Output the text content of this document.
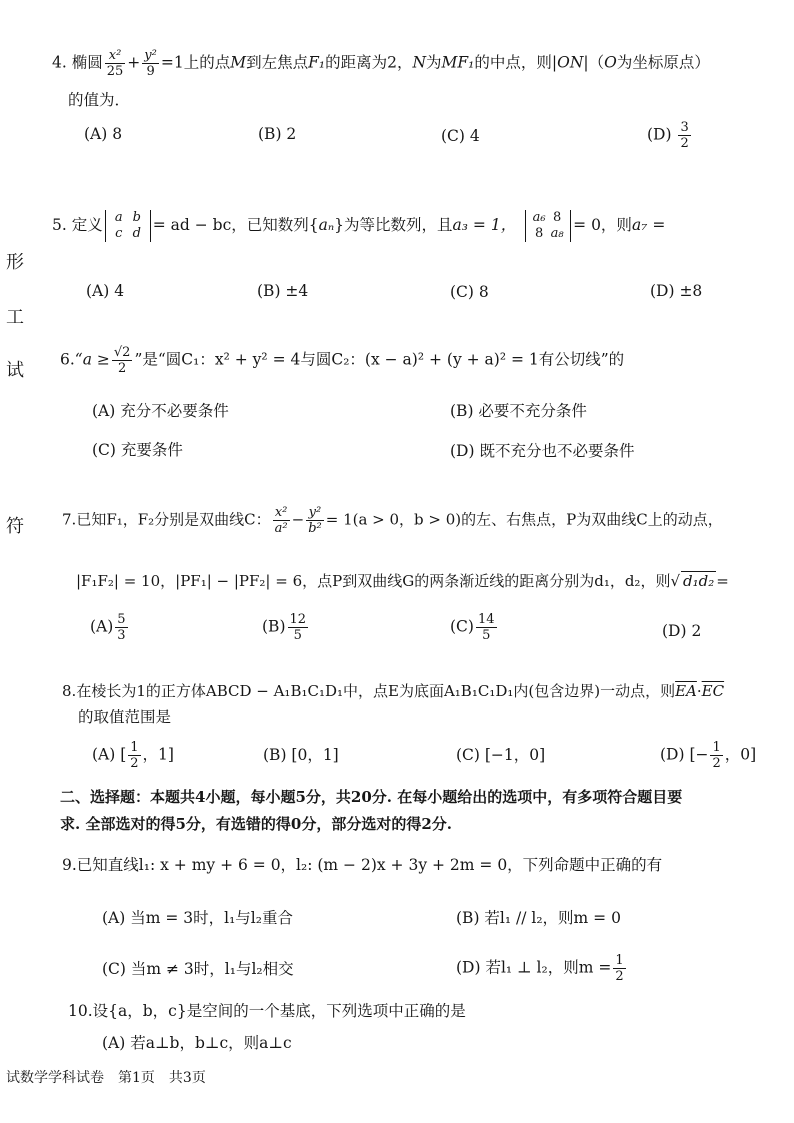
形
工
试
符
4. 椭圆 $\frac{\text{x²}}{25} + \frac{\text{y²}}{9} =1$上的点M到左焦点F₁的距离为2，N为MF₁的中点，则|ON|（O为坐标原点）
的值为．
(A) 8	(B) 2	(C) 4	$(D) \frac{3}{2}$
5. 定义 a b
c d = ad − bc，已知数列{aₙ}为等比数列，且a₃ = 1， a₆ 8
8 a₈ = 0，则a₇ =
(A) 4	(B) ±4	(C) 8	(D) ±8
6.“a ≥ $\frac{√2}{2}$ ”是“圆C₁：x² + y² = 4与圆C₂：(x − a)² + (y + a)² = 1有公切线”的
(A) 充分不必要条件	(B) 必要不充分条件
(C) 充要条件	(D) 既不充分也不必要条件
7.已知F₁，F₂分别是双曲线C： $\frac{\text{x²}}{\text{a²}} - \frac{\text{y²}}{\text{b²}} = 1(a > 0$，b > 0)的左、右焦点，P为双曲线C上的动点，
|F₁F₂| = 10，|PF₁| − |PF₂| = 6，点P到双曲线G的两条渐近线的距离分别为d₁，d₂，则√ d₁d₂ =
$(A) \frac{5}{3}$	$(B) \frac{12}{5}$	$(C) \frac{14}{5}$	(D) 2
8.在棱长为1的正方体ABCD − A₁B₁C₁D₁中，点E为底面A₁B₁C₁D₁内(包含边界)一动点，则$\overline{EA}\cdot\overline{EC}$
的取值范围是
(A) [ $\frac{1}{2}$ ，1]	(B) [0，1]	(C) [−1，0]	(D) [− $\frac{1}{2}$ ，0]
二、选择题：本题共4小题，每小题5分，共20分. 在每小题给出的选项中，有多项符合题目要
求. 全部选对的得5分，有选错的得0分，部分选对的得2分.
9.已知直线l₁: x + my + 6 = 0，l₂: (m − 2)x + 3y + 2m = 0，下列命题中正确的有
(A) 当m = 3时，l₁与l₂重合	(B) 若l₁ // l₂，则m = 0
(C) 当m ≠ 3时，l₁与l₂相交	(D) 若l₁ ⊥ l₂，则$m = \frac{1}{2}$
10.设{a，b，c}是空间的一个基底，下列选项中正确的是
(A) 若a⊥b，b⊥c，则a⊥c
试数学学科试卷　第1页　共3页
